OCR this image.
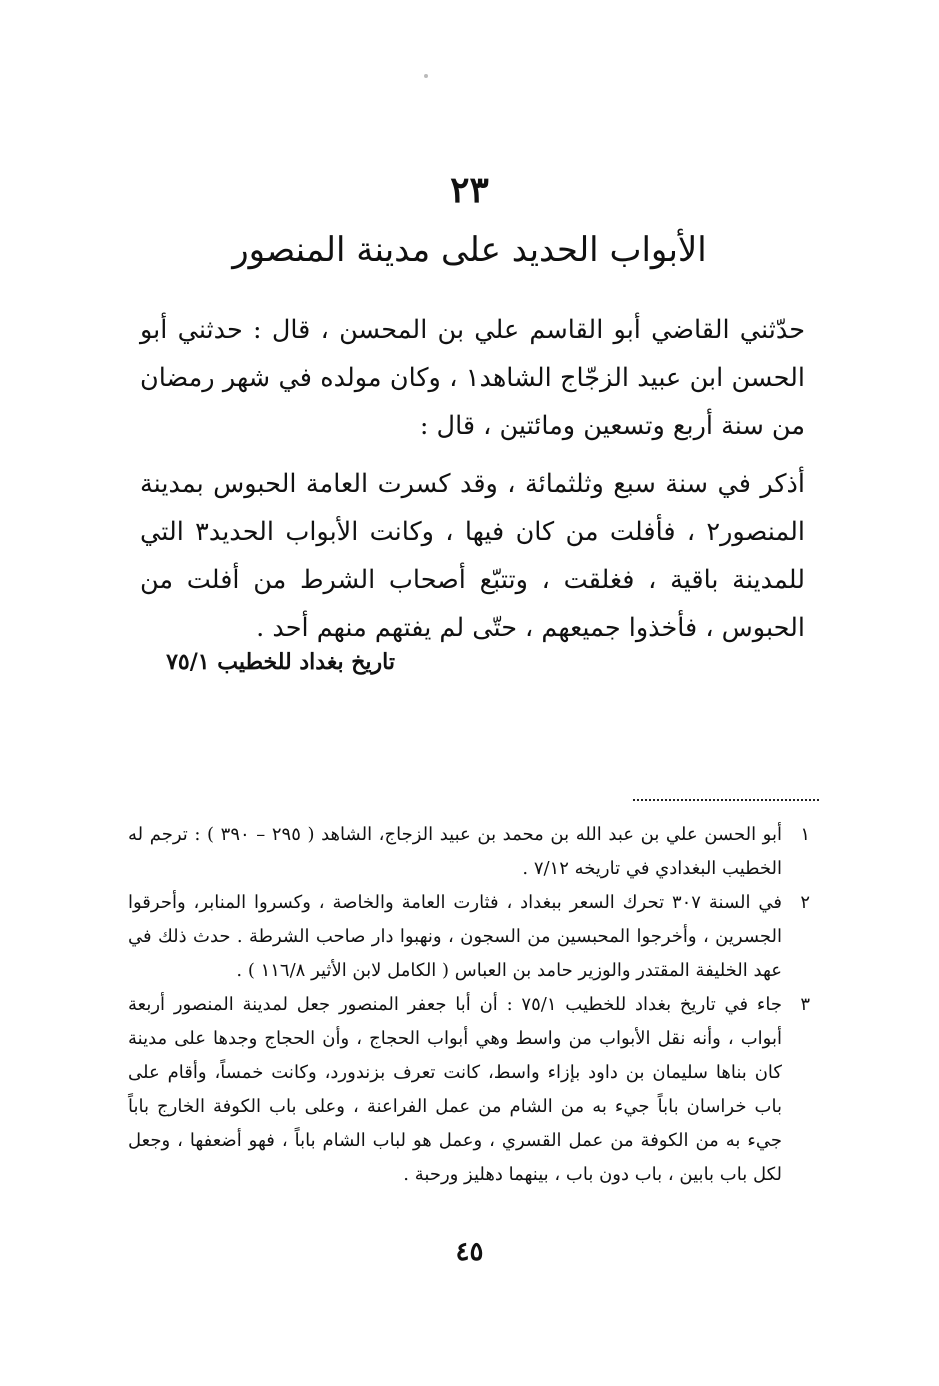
٢٣
الأبواب الحديد على مدينة المنصور

حدّثني القاضي أبو القاسم علي بن المحسن ، قال : حدثني أبو الحسن ابن عبيد الزجّاج الشاهد١ ، وكان مولده في شهر رمضان من سنة أربع وتسعين ومائتين ، قال :

أذكر في سنة سبع وثلثمائة ، وقد كسرت العامة الحبوس بمدينة المنصور٢ ، فأفلت من كان فيها ، وكانت الأبواب الحديد٣ التي للمدينة باقية ، فغلقت ، وتتبّع أصحاب الشرط من أفلت من الحبوس ، فأخذوا جميعهم ، حتّى لم يفتهم منهم أحد .

تاريخ بغداد للخطيب ٧٥/١
١
أبو الحسن علي بن عبد الله بن محمد بن عبيد الزجاج، الشاهد ( ٢٩٥ – ٣٩٠ ) : ترجم له الخطيب البغدادي في تاريخه ٧/١٢ .
٢
في السنة ٣٠٧ تحرك السعر ببغداد ، فثارت العامة والخاصة ، وكسروا المنابر، وأحرقوا الجسرين ، وأخرجوا المحبسين من السجون ، ونهبوا دار صاحب الشرطة . حدث ذلك في عهد الخليفة المقتدر والوزير حامد بن العباس ( الكامل لابن الأثير ١١٦/٨ ) .
٣
جاء في تاريخ بغداد للخطيب ٧٥/١ : أن أبا جعفر المنصور جعل لمدينة المنصور أربعة أبواب ، وأنه نقل الأبواب من واسط وهي أبواب الحجاج ، وأن الحجاج وجدها على مدينة كان بناها سليمان بن داود بإزاء واسط، كانت تعرف بزندورد، وكانت خمساً، وأقام على باب خراسان باباً جيء به من الشام من عمل الفراعنة ، وعلى باب الكوفة الخارج باباً جيء به من الكوفة من عمل القسري ، وعمل هو لباب الشام باباً ، فهو أضعفها ، وجعل لكل باب بابين ، باب دون باب ، بينهما دهليز ورحبة .
٤٥
